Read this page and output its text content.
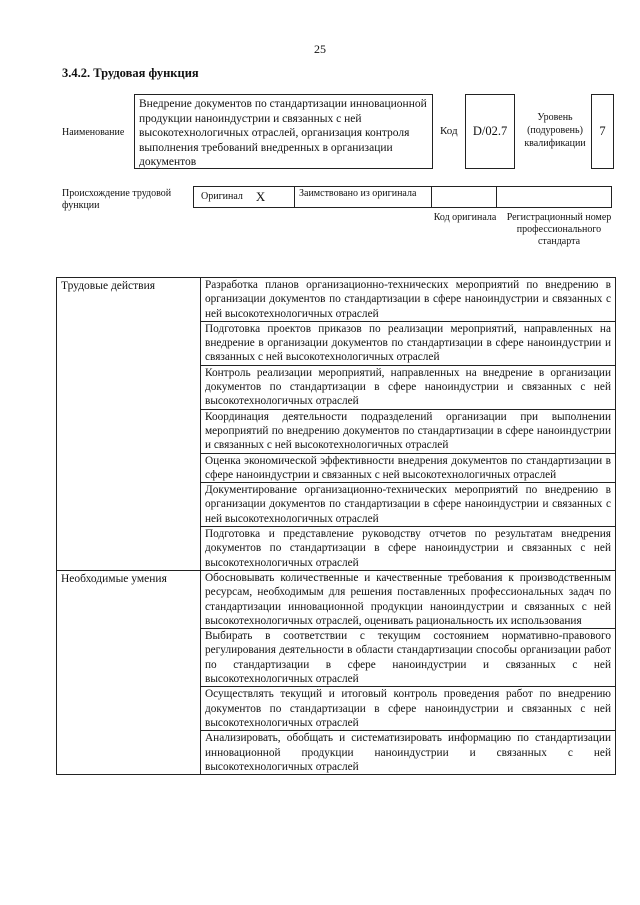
25
3.4.2. Трудовая функция
Наименование
Внедрение документов по стандартизации инновационной продукции наноиндустрии и связанных с ней высокотехнологичных отраслей, организация контроля выполнения требований внедренных в организации документов
Код	D/02.7
Уровень (подуровень) квалификации
7
Происхождение трудовой функции
Оригинал X	Заимствовано из оригинала
Код оригинала	Регистрационный номер профессионального стандарта
Трудовые действия	Разработка планов организационно-технических мероприятий по внедрению в организации документов по стандартизации в сфере наноиндустрии и связанных с ней высокотехнологичных отраслей
	Подготовка проектов приказов по реализации мероприятий, направленных на внедрение в организации документов по стандартизации в сфере наноиндустрии и связанных с ней высокотехнологичных отраслей
	Контроль реализации мероприятий, направленных на внедрение в организации документов по стандартизации в сфере наноиндустрии и связанных с ней высокотехнологичных отраслей
	Координация деятельности подразделений организации при выполнении мероприятий по внедрению документов по стандартизации в сфере наноиндустрии и связанных с ней высокотехнологичных отраслей
	Оценка экономической эффективности внедрения документов по стандартизации в сфере наноиндустрии и связанных с ней высокотехнологичных отраслей
	Документирование организационно-технических мероприятий по внедрению в организации документов по стандартизации в сфере наноиндустрии и связанных с ней высокотехнологичных отраслей
	Подготовка и представление руководству отчетов по результатам внедрения документов по стандартизации в сфере наноиндустрии и связанных с ней высокотехнологичных отраслей
Необходимые умения	Обосновывать количественные и качественные требования к производственным ресурсам, необходимым для решения поставленных профессиональных задач по стандартизации инновационной продукции наноиндустрии и связанных с ней высокотехнологичных отраслей, оценивать рациональность их использования
	Выбирать в соответствии с текущим состоянием нормативно-правового регулирования деятельности в области стандартизации способы организации работ по стандартизации в сфере наноиндустрии и связанных с ней высокотехнологичных отраслей
	Осуществлять текущий и итоговый контроль проведения работ по внедрению документов по стандартизации в сфере наноиндустрии и связанных с ней высокотехнологичных отраслей
	Анализировать, обобщать и систематизировать информацию по стандартизации инновационной продукции наноиндустрии и связанных с ней высокотехнологичных отраслей
